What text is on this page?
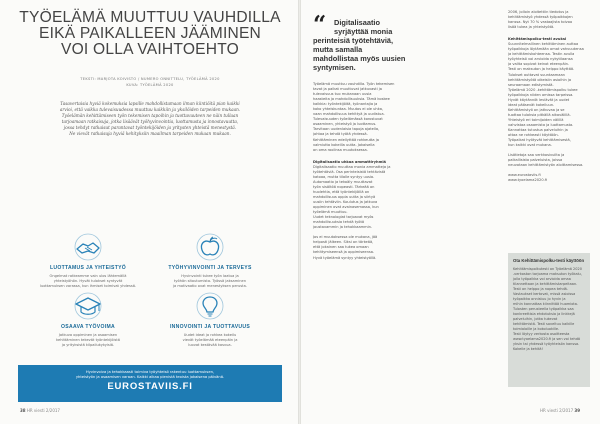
TYÖELÄMÄ MUUTTUU VAUHDILLA
EIKÄ PAIKALLEEN JÄÄMINEN
VOI OLLA VAIHTOEHTO
TEKSTI: MARJOTA KOIVISTO / NUMERO ONNITTELU, TYÖELÄMÄ 2020
KUVA: TYÖELÄMÄ 2020
Tasavertaisia hyviä kokemuksia lapsille mahdollistamaan ilman kiintiöitä pian kaikki
arvioi, että vaikka tulevaisuudessa muuttuu kaikkiin ja yksilöiden tarpeiden mukaan.
Työelämän kehittämiseen työn tekemisen tapoihin ja tuottavuuteen ne näin tullaan
tarjoamaan ratkaisuja, jotka lisäävät työhyvinvointia, luottamusta ja innostavuutta,
jossa tehdyt ratkaisut parantavat työntekijöiden ja yritysten yhteistä menestystä.
Ne vievät ratkaisuja hyviä kehityksiin maailman tarpeiden mukaan mukaan.
LUOTTAMUS JA YHTEISTYÖ
Ongelmat ratkeamme vain ulos lähtemällä
yhteistyöhön. Hyvät tulokset syntyvät
luottamuksen varassa, kun ihmiset toimivat yhdessä.
TYÖHYVINVOINTI JA TERVEYS
Hyvinvointi tukee työn laatua ja
työhön sitoutumista. Työssä jaksaminen
ja motivaatio ovat menestyksen perusta.
OSAAVA TYÖVOIMA
Jatkuva oppiminen ja osaamisen
kehittäminen tekevät työntekijöistä
ja yrityksistä kilpailukykyisiä.
INNOVOINTI JA TUOTTAVUUS
Uudet ideat ja rohkea kokeilu
vievät työelämää eteenpäin ja
luovat kestävää kasvua.
Hyvinvoiva ja tehokkaasti toimiva työyhteisö rakentuu luottamuksen,
yhteistyön ja osaamisen varaan. Kaikki alkaa pienistä teoista jokaisena päivänä.
EUROSTAVIIS.FI
38 HR viesti 2/2017
“	Digitalisaatio
syrjäyttää monia
perinteisiä työtehtäviä,
mutta samalla
mahdollistaa myös uusien
syntymisen.
Työelämä muuttuu vauhdilla. Työn tekemisen
tavat ja paikat muuttuvat jatkuvasti ja
tulevaisuus tuo mukanaan uusia
haasteita ja mahdollisuuksia. Tämä koskee
kaikkia: työntekijöitä, työnantajia ja
koko yhteiskuntaa. Muutos ei ole uhka,
vaan mahdollisuus kehittyä ja uudistua.
Tulevaisuuden työelämässä korostuvat
osaaminen, yhteistyö ja luottamus.
Tarvitaan uudenlaisia tapoja ajatella,
johtaa ja tehdä työtä yhdessä.
Kehittäminen edellyttää rohkeutta ja
valmiutta kokeilla uutta. Jokaisella
on oma roolinsa muutoksessa.
Digitalisaatio uhkaa ammattiryhmiä
Digitalisaatio muuttaa monia ammatteja ja
työtehtäviä. Osa perinteisistä tehtävistä
katoaa, mutta tilalle syntyy uusia.
Automaatio ja tekoäly muuttavat
työn sisältöä nopeasti. Tärkeää on
huolehtia, että työntekijöillä on
mahdollisuus oppia uutta ja siirtyä
uusiin tehtäviin. Koulutus ja jatkuva
oppiminen ovat avainasemassa, kun
työelämä muuttuu.
Uudet teknologiat tarjoavat myös
mahdollisuuksia tehdä työtä
joustavammin ja tehokkaammin.
Jos ei muutoksessa ole mukana, jää
helposti jälkeen. Siksi on tärkeää,
että jokainen saa tukea omaan
kehittymiseensä ja oppimiseensa.
Hyvä työelämä syntyy yhteistyöllä.
2006, jolloin aloitettiin tiedotus ja
kehittämistyö yhdessä työpaikkojen
kanssa. Nyt 70 % vastaajista toivoo
lisää tukea ja yhteistyötä.
Kehittämispolku-testi avuksi
Suunnitelmallinen kehittäminen auttaa
työpaikkoja löytämään omat vahvuutensa
ja kehittämiskohteensa. Testin avulla
työyhteisö voi arvioida nykytilaansa
ja valita sopivat keinot eteenpäin.
Testi on maksuton ja helppo käyttää.
Tulokset auttavat suuntaamaan
kehittämistyötä oikeisiin asioihin ja
seuraamaan edistymistä.
Työelämä 2020 -kehittämispolku tukee
työpaikkoja niiden omissa tarpeissa.
Hyvät käytännöt leviävät ja uudet
ideat pääsevät kokeiluun.
Kehittämistyö on jatkuvaa ja se
tuottaa tuloksia pitkällä aikavälillä.
Yhteistyö eri toimijoiden välillä
vahvistaa osaamista ja luottamusta.
Kannattaa tutustua palveluihin ja
ottaa ne rohkeasti käyttöön.
Työpaikat hyötyvät kehittämisestä,
kun kaikki ovat mukana.
Lisätietoja saa verkkosivuilta ja
paikallisista palveluista, joissa
neuvotaan kehittämistyön aloittamisessa.
www.eurostaviis.fi
www.tyoelama2020.fi
Ota Kehittämispolku-testi käyttöön
Kehittämispolkutesti on Työelämä 2020
-verkoston tarjoama maksuton työkalu,
jolla työpaikka voi arvioida omaa
tilannettaan ja kehittämistarpeitaan.
Testi on helppo ja nopea tehdä.
Vastaukset kertovat, missä asioissa
työpaikka onnistuu jo hyvin ja
mihin kannattaa kiinnittää huomiota.
Tulosten perusteella työpaikka saa
konkreettisia ehdotuksia ja linkkejä
palveluihin, jotka tukevat
kehittämistä. Testi soveltuu kaikille
toimialoille ja kokoluokille.
Testi löytyy verkosta osoitteesta
www.tyoelama2020.fi ja sen voi tehdä
yksin tai yhdessä työyhteisön kanssa.
Kokeile ja kehitä!
HR viesti 2/2017 39
